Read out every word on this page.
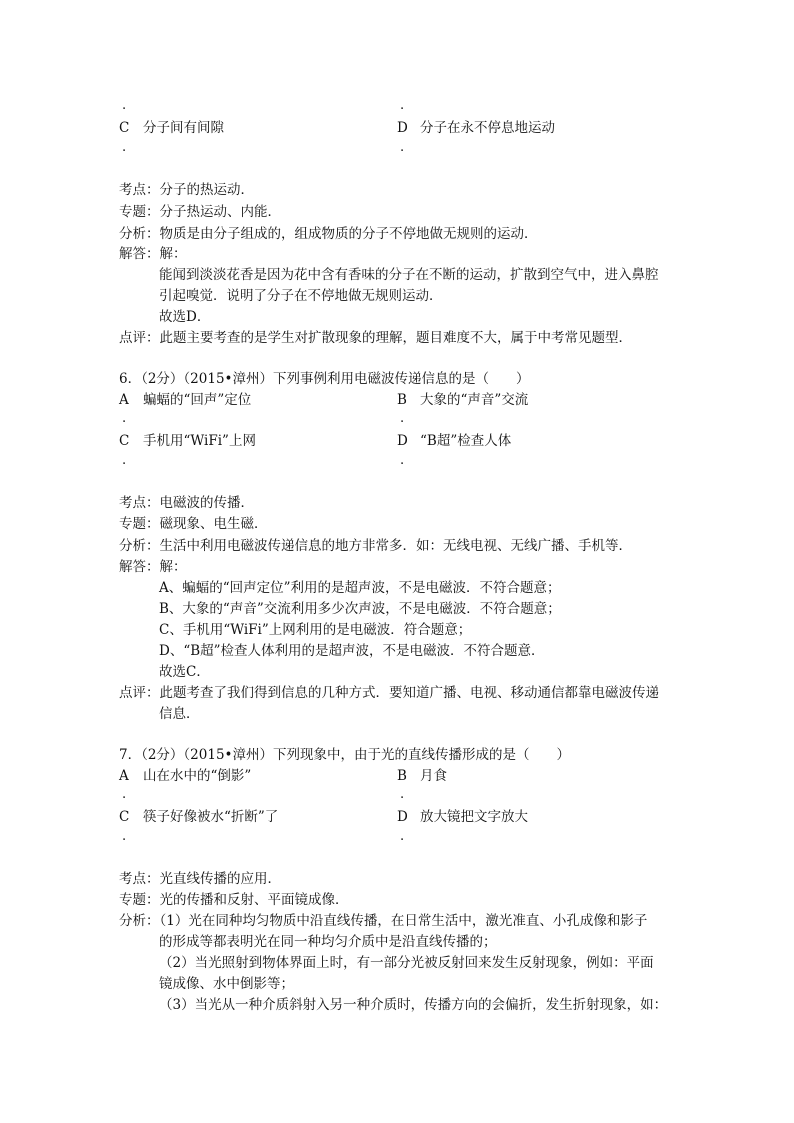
.	.
C 分子间有间隙	D 分子在永不停息地运动
.	.
考点：分子的热运动．
专题：分子热运动、内能．
分析：物质是由分子组成的，组成物质的分子不停地做无规则的运动．
解答：解：
能闻到淡淡花香是因为花中含有香味的分子在不断的运动，扩散到空气中，进入鼻腔
引起嗅觉．说明了分子在不停地做无规则运动．
故选D．
点评：此题主要考查的是学生对扩散现象的理解，题目难度不大，属于中考常见题型．
6．（2分）（2015•漳州）下列事例利用电磁波传递信息的是（　　）
A 蝙蝠的“回声”定位	B 大象的“声音”交流
.	.
C 手机用“WiFi”上网	D “B超”检查人体
.	.
考点：电磁波的传播．
专题：磁现象、电生磁．
分析：生活中利用电磁波传递信息的地方非常多．如：无线电视、无线广播、手机等．
解答：解：
A、蝙蝠的“回声定位”利用的是超声波，不是电磁波．不符合题意；
B、大象的“声音”交流利用多少次声波，不是电磁波．不符合题意；
C、手机用“WiFi”上网利用的是电磁波．符合题意；
D、“B超”检查人体利用的是超声波，不是电磁波．不符合题意．
故选C．
点评：此题考查了我们得到信息的几种方式．要知道广播、电视、移动通信都靠电磁波传递
信息．
7．（2分）（2015•漳州）下列现象中，由于光的直线传播形成的是（　　）
A 山在水中的“倒影”	B 月食
.	.
C 筷子好像被水“折断”了	D 放大镜把文字放大
.	.
考点：光直线传播的应用．
专题：光的传播和反射、平面镜成像．
分析：（1）光在同种均匀物质中沿直线传播，在日常生活中，激光准直、小孔成像和影子
的形成等都表明光在同一种均匀介质中是沿直线传播的；
（2）当光照射到物体界面上时，有一部分光被反射回来发生反射现象，例如：平面
镜成像、水中倒影等；
（3）当光从一种介质斜射入另一种介质时，传播方向的会偏折，发生折射现象，如：
